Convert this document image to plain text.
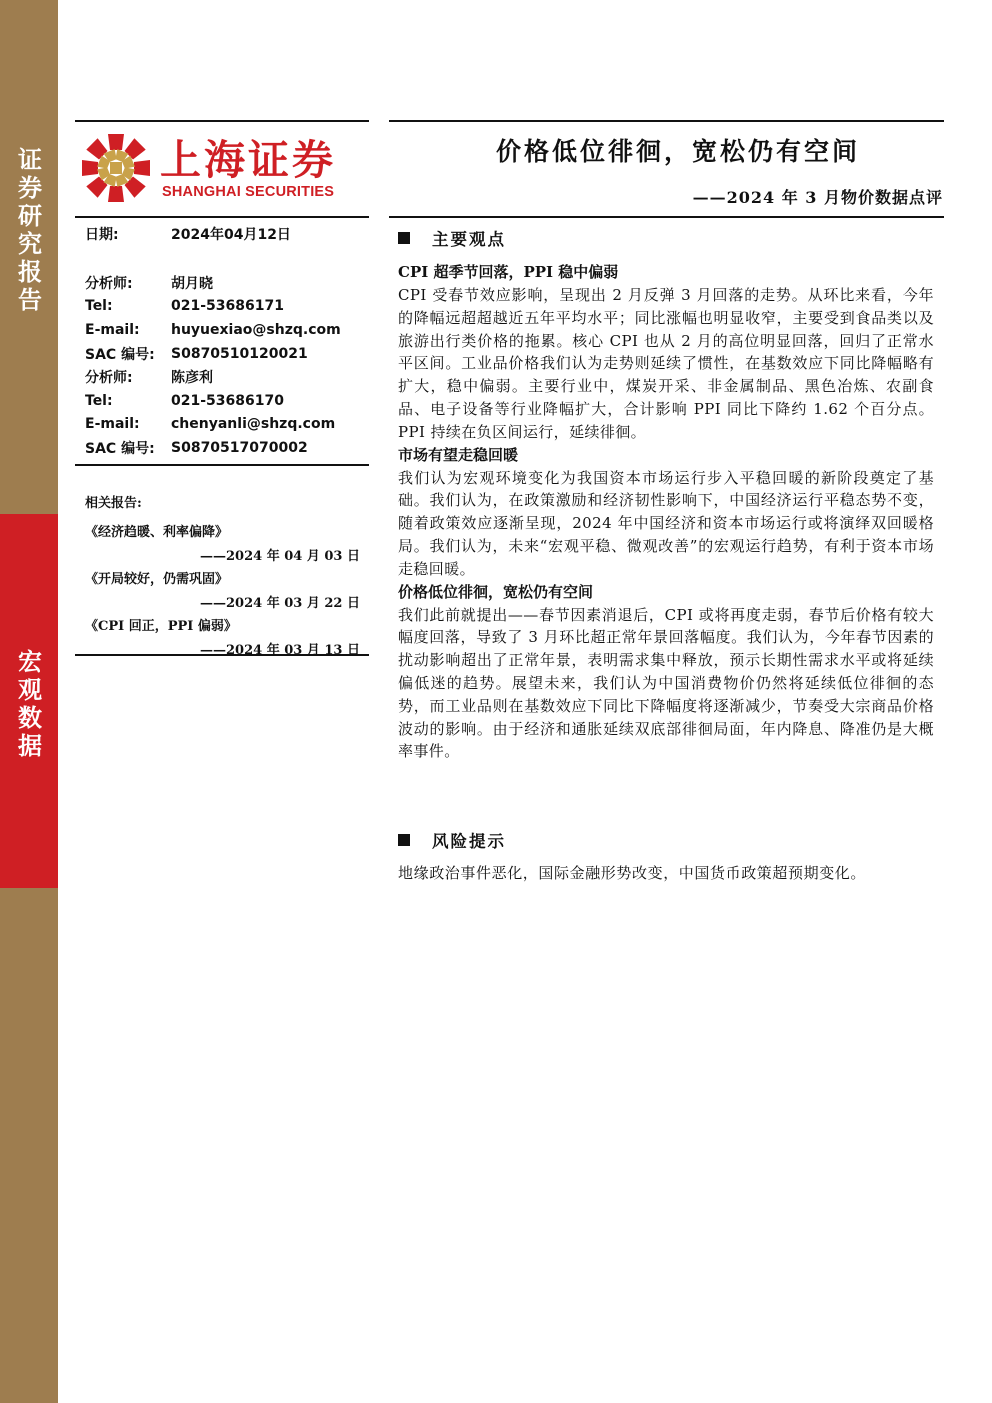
证券研究报告
宏观数据
上海证券
SHANGHAI SECURITIES
价格低位徘徊，宽松仍有空间
——2024 年 3 月物价数据点评
日期:	2024年04月12日
分析师:	胡月晓
Tel:	021-53686171
E-mail:	huyuexiao@shzq.com
SAC 编号:	S0870510120021
分析师:	陈彦利
Tel:	021-53686170
E-mail:	chenyanli@shzq.com
SAC 编号:	S0870517070002
相关报告:
《经济趋暖、利率偏降》
——2024 年 04 月 03 日
《开局较好，仍需巩固》
——2024 年 03 月 22 日
《CPI 回正，PPI 偏弱》
——2024 年 03 月 13 日
主要观点
CPI 超季节回落，PPI 稳中偏弱

CPI 受春节效应影响，呈现出 2 月反弹 3 月回落的走势。从环比来看，今年的降幅远超超越近五年平均水平；同比涨幅也明显收窄，主要受到食品类以及旅游出行类价格的拖累。核心 CPI 也从 2 月的高位明显回落，回归了正常水平区间。工业品价格我们认为走势则延续了惯性，在基数效应下同比降幅略有扩大，稳中偏弱。主要行业中，煤炭开采、非金属制品、黑色冶炼、农副食品、电子设备等行业降幅扩大，合计影响 PPI 同比下降约 1.62 个百分点。PPI 持续在负区间运行，延续徘徊。

市场有望走稳回暖

我们认为宏观环境变化为我国资本市场运行步入平稳回暖的新阶段奠定了基础。我们认为，在政策激励和经济韧性影响下，中国经济运行平稳态势不变，随着政策效应逐渐呈现，2024 年中国经济和资本市场运行或将演绎双回暖格局。我们认为，未来“宏观平稳、微观改善”的宏观运行趋势，有利于资本市场走稳回暖。

价格低位徘徊，宽松仍有空间

我们此前就提出——春节因素消退后，CPI 或将再度走弱，春节后价格有较大幅度回落，导致了 3 月环比超正常年景回落幅度。我们认为，今年春节因素的扰动影响超出了正常年景，表明需求集中释放，预示长期性需求水平或将延续偏低迷的趋势。展望未来，我们认为中国消费物价仍然将延续低位徘徊的态势，而工业品则在基数效应下同比下降幅度将逐渐减少，节奏受大宗商品价格波动的影响。由于经济和通胀延续双底部徘徊局面，年内降息、降准仍是大概率事件。

风险提示
地缘政治事件恶化，国际金融形势改变，中国货币政策超预期变化。
